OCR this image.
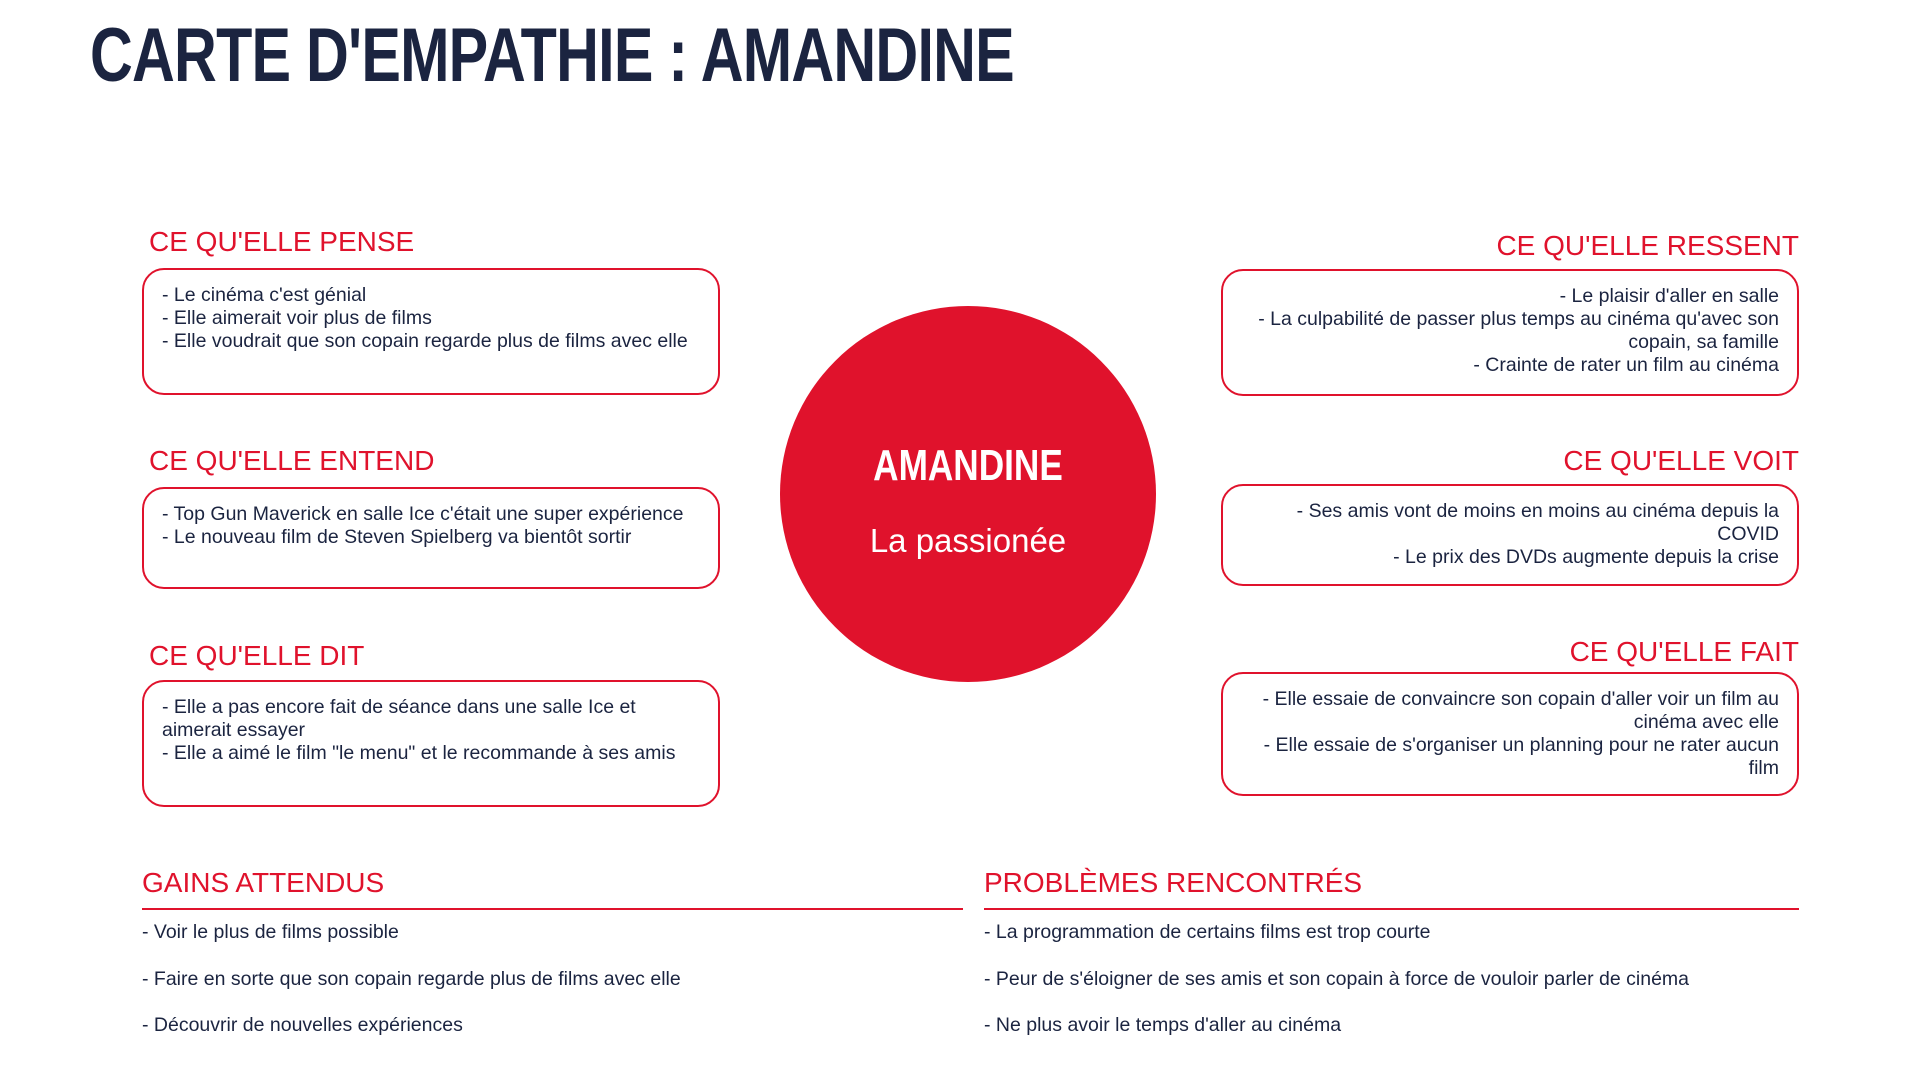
CARTE D'EMPATHIE : AMANDINE
CE QU'ELLE PENSE
- Le cinéma c'est génial
- Elle aimerait voir plus de films
- Elle voudrait que son copain regarde plus de films avec elle
CE QU'ELLE ENTEND
- Top Gun Maverick en salle Ice c'était une super expérience
- Le nouveau film de Steven Spielberg va bientôt sortir
CE QU'ELLE DIT
- Elle a pas encore fait de séance dans une salle Ice et aimerait essayer
- Elle a aimé le film "le menu" et le recommande à ses amis
AMANDINE
La passionée
CE QU'ELLE RESSENT
- Le plaisir d'aller en salle
- La culpabilité de passer plus temps au cinéma qu'avec son copain, sa famille
- Crainte de rater un film au cinéma
CE QU'ELLE VOIT
- Ses amis vont de moins en moins au cinéma depuis la COVID
- Le prix des DVDs augmente depuis la crise
CE QU'ELLE FAIT
- Elle essaie de convaincre son copain d'aller voir un film au cinéma avec elle
- Elle essaie de s'organiser un planning pour ne rater aucun film
GAINS ATTENDUS
- Voir le plus de films possible
- Faire en sorte que son copain regarde plus de films avec elle
- Découvrir de nouvelles expériences
PROBLÈMES RENCONTRÉS
- La programmation de certains films est trop courte
- Peur de s'éloigner de ses amis et son copain à force de vouloir parler de cinéma
- Ne plus avoir le temps d'aller au cinéma
